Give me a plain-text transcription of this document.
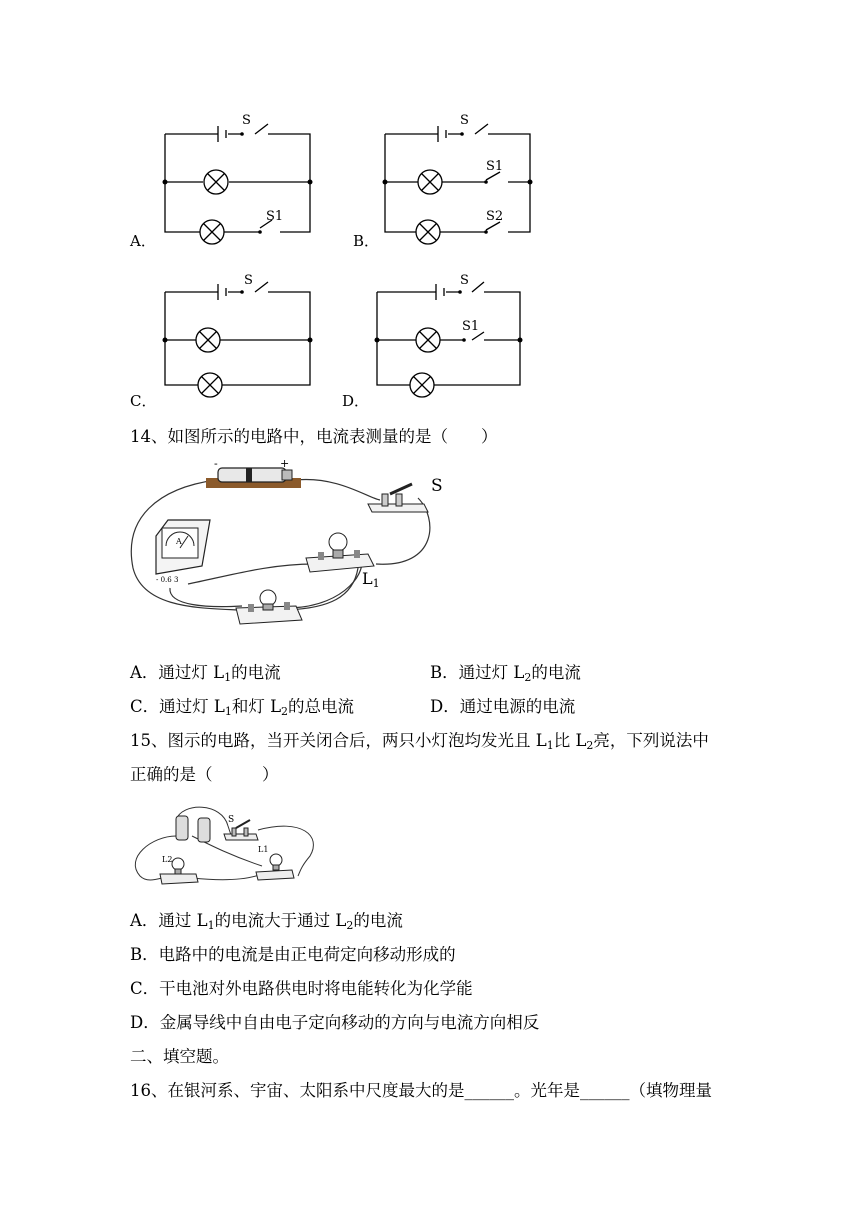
S
S1
A．
S
S1
S2
B．
S
C．
S
S1
D．
14、如图所示的电路中，电流表测量的是（　　）
-	+
S
A
- 0.6 3	L1
A．通过灯 $L_1$的电流	B．通过灯 $L_2$的电流
C．通过灯 $L_1$和灯 $L_2$的总电流	D．通过电源的电流
15、图示的电路，当开关闭合后，两只小灯泡均发光且 $L_1$比 $L_2$亮，下列说法中
正确的是（　　　）
S
L2
L1
A．通过 $L_1$的电流大于通过 $L_2$的电流
B．电路中的电流是由正电荷定向移动形成的
C．干电池对外电路供电时将电能转化为化学能
D．金属导线中自由电子定向移动的方向与电流方向相反
二、填空题。
16、在银河系、宇宙、太阳系中尺度最大的是______。光年是______（填物理量
